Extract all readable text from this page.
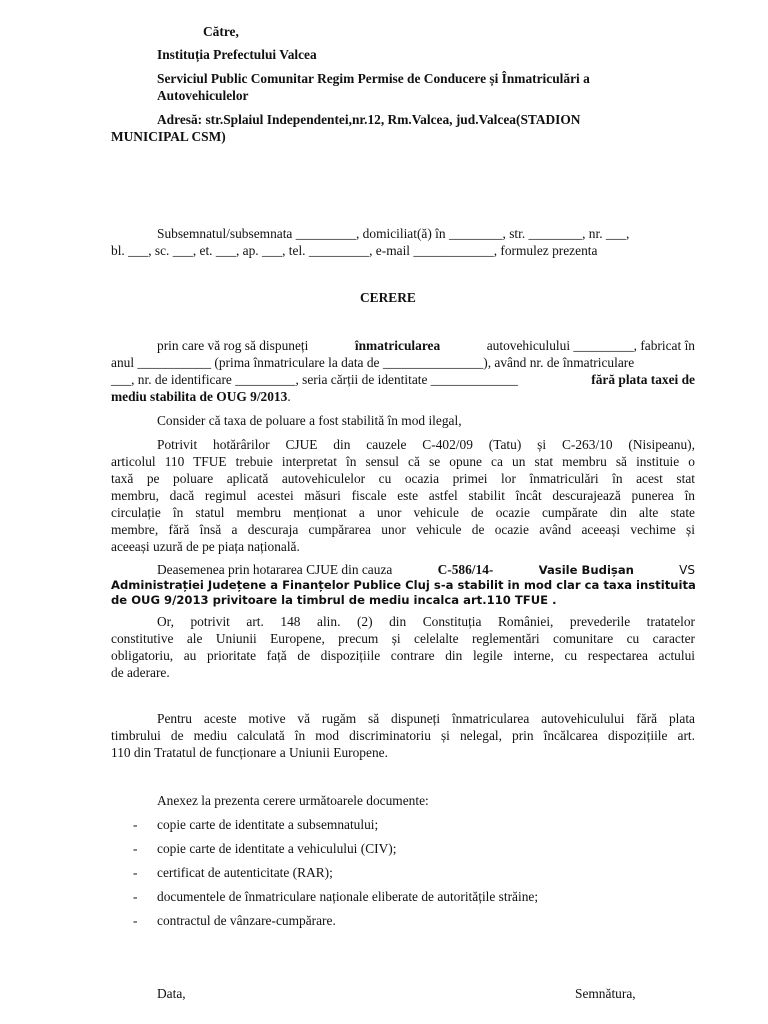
Către,
Instituția Prefectului Valcea
Serviciul Public Comunitar Regim Permise de Conducere și Înmatriculări a
Autovehiculelor
Adresă: str.Splaiul Independentei,nr.12, Rm.Valcea, jud.Valcea(STADION
MUNICIPAL CSM)
Subsemnatul/subsemnata _________, domiciliat(ă) în ________, str. ________, nr. ___,
bl. ___, sc. ___, et. ___, ap. ___, tel. _________, e-mail ____________, formulez prezenta
CERERE
prin care vă rog să dispuneți	înmatricularea	autovehiculului _________, fabricat în
anul ___________ (prima înmatriculare la data de _______________), având nr. de înmatriculare
___, nr. de identificare _________, seria cărții de identitate _____________	fără plata taxei de
mediu stabilita de OUG 9/2013.
Consider că taxa de poluare a fost stabilită în mod ilegal,
Potrivit hotărârilor CJUE din cauzele C-402/09 (Tatu) și C-263/10 (Nisipeanu),
articolul 110 TFUE trebuie interpretat în sensul că se opune ca un stat membru să instituie o
taxă pe poluare aplicată autovehiculelor cu ocazia primei lor înmatriculări în acest stat
membru, dacă regimul acestei măsuri fiscale este astfel stabilit încât descurajează punerea în
circulație în statul membru menționat a unor vehicule de ocazie cumpărate din alte state
membre, fără însă a descuraja cumpărarea unor vehicule de ocazie având aceeași vechime și
aceeași uzură de pe piața națională.
Deasemenea prin hotararea CJUE din cauza	C-586/14-	Vasile Budișan	VS
Administrației Județene a Finanțelor Publice Cluj s-a stabilit in mod clar ca taxa instituita
de OUG 9/2013 privitoare la timbrul de mediu incalca art.110 TFUE .
Or, potrivit art. 148 alin. (2) din Constituția României, prevederile tratatelor
constitutive ale Uniunii Europene, precum și celelalte reglementări comunitare cu caracter
obligatoriu, au prioritate față de dispozițiile contrare din legile interne, cu respectarea actului
de aderare.
Pentru aceste motive vă rugăm să dispuneți înmatricularea autovehiculului fără plata
timbrului de mediu calculată în mod discriminatoriu și nelegal, prin încălcarea dispozițiile art.
110 din Tratatul de funcționare a Uniunii Europene.
Anexez la prezenta cerere următoarele documente:
- copie carte de identitate a subsemnatului;
- copie carte de identitate a vehiculului (CIV);
- certificat de autenticitate (RAR);
- documentele de înmatriculare naționale eliberate de autoritățile străine;
- contractul de vânzare-cumpărare.
Data,	Semnătura,
